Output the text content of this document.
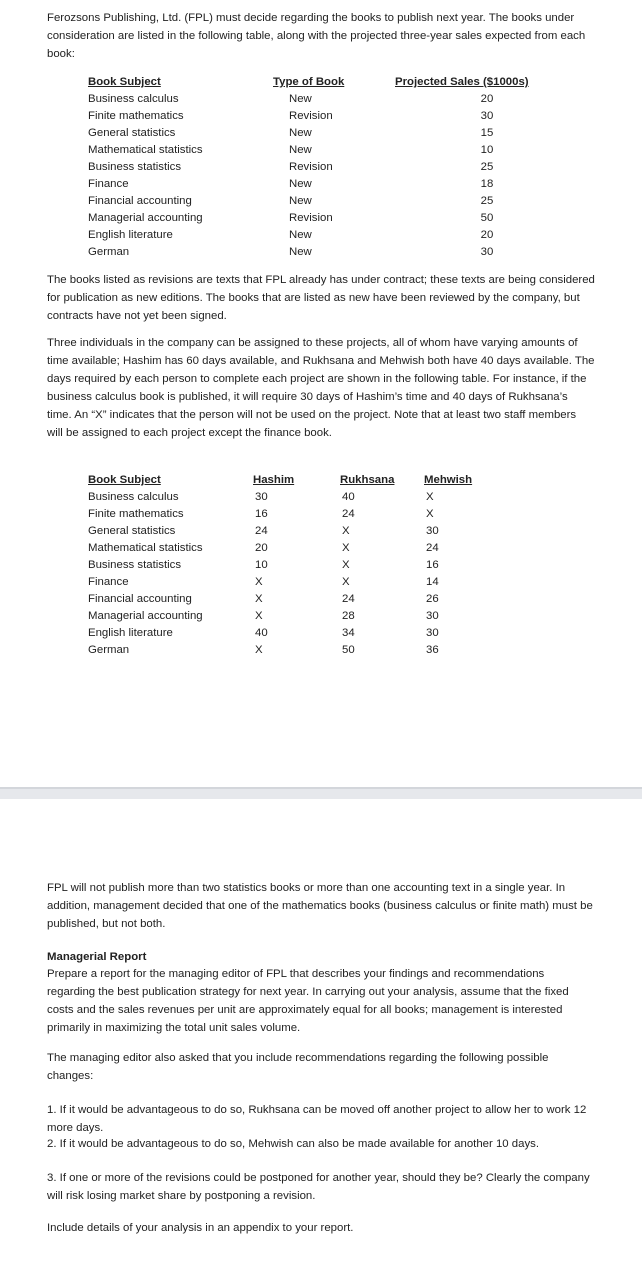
Ferozsons Publishing, Ltd. (FPL) must decide regarding the books to publish next year. The books under consideration are listed in the following table, along with the projected three-year sales expected from each book:

Book Subject	Type of Book	Projected Sales ($1000s)
Business calculus	New	20
Finite mathematics	Revision	30
General statistics	New	15
Mathematical statistics	New	10
Business statistics	Revision	25
Finance	New	18
Financial accounting	New	25
Managerial accounting	Revision	50
English literature	New	20
German	New	30

The books listed as revisions are texts that FPL already has under contract; these texts are being considered for publication as new editions. The books that are listed as new have been reviewed by the company, but contracts have not yet been signed.

Three individuals in the company can be assigned to these projects, all of whom have varying amounts of time available; Hashim has 60 days available, and Rukhsana and Mehwish both have 40 days available. The days required by each person to complete each project are shown in the following table. For instance, if the business calculus book is published, it will require 30 days of Hashim’s time and 40 days of Rukhsana’s time. An “X” indicates that the person will not be used on the project. Note that at least two staff members will be assigned to each project except the finance book.

Book Subject	Hashim	Rukhsana	Mehwish
Business calculus	30	40	X
Finite mathematics	16	24	X
General statistics	24	X	30
Mathematical statistics	20	X	24
Business statistics	10	X	16
Finance	X	X	14
Financial accounting	X	24	26
Managerial accounting	X	28	30
English literature	40	34	30
German	X	50	36

FPL will not publish more than two statistics books or more than one accounting text in a single year. In addition, management decided that one of the mathematics books (business calculus or finite math) must be published, but not both.

Managerial Report

Prepare a report for the managing editor of FPL that describes your findings and recommendations regarding the best publication strategy for next year. In carrying out your analysis, assume that the fixed costs and the sales revenues per unit are approximately equal for all books; management is interested primarily in maximizing the total unit sales volume.

The managing editor also asked that you include recommendations regarding the following possible changes:

1. If it would be advantageous to do so, Rukhsana can be moved off another project to allow her to work 12 more days.

2. If it would be advantageous to do so, Mehwish can also be made available for another 10 days.

3. If one or more of the revisions could be postponed for another year, should they be? Clearly the company will risk losing market share by postponing a revision.

Include details of your analysis in an appendix to your report.
